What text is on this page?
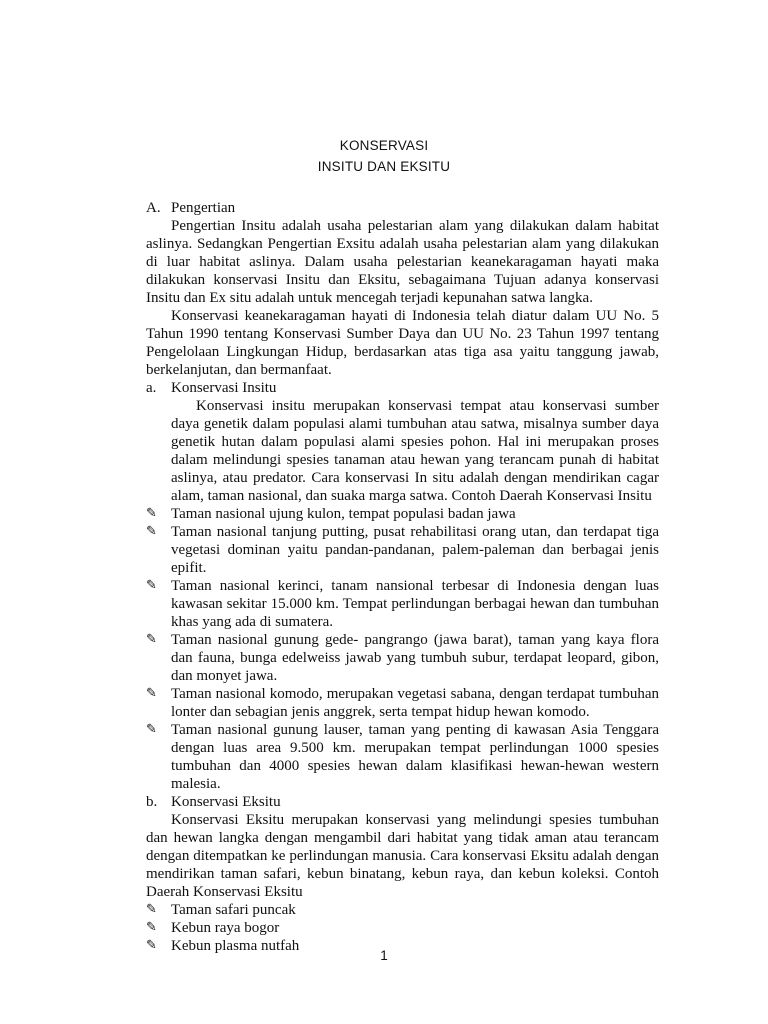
KONSERVASI
INSITU DAN EKSITU
A. Pengertian
Pengertian Insitu adalah usaha pelestarian alam yang dilakukan dalam habitat aslinya. Sedangkan Pengertian Exsitu adalah usaha pelestarian alam yang dilakukan di luar habitat aslinya. Dalam usaha pelestarian keanekaragaman hayati maka dilakukan konservasi Insitu dan Eksitu, sebagaimana Tujuan adanya konservasi Insitu dan Ex situ adalah untuk mencegah terjadi kepunahan satwa langka.
Konservasi keanekaragaman hayati di Indonesia telah diatur dalam UU No. 5 Tahun 1990 tentang Konservasi Sumber Daya dan UU No. 23 Tahun 1997 tentang Pengelolaan Lingkungan Hidup, berdasarkan atas tiga asa yaitu tanggung jawab, berkelanjutan, dan bermanfaat.
a. Konservasi Insitu
Konservasi insitu merupakan konservasi tempat atau konservasi sumber daya genetik dalam populasi alami tumbuhan atau satwa, misalnya sumber daya genetik hutan dalam populasi alami spesies pohon. Hal ini merupakan proses dalam melindungi spesies tanaman atau hewan yang terancam punah di habitat aslinya, atau predator. Cara konservasi In situ adalah dengan mendirikan cagar alam, taman nasional, dan suaka marga satwa. Contoh Daerah Konservasi Insitu
✎ Taman nasional ujung kulon, tempat populasi badan jawa
✎ Taman nasional tanjung putting, pusat rehabilitasi orang utan, dan terdapat tiga vegetasi dominan yaitu pandan-pandanan, palem-paleman dan berbagai jenis epifit.
✎ Taman nasional kerinci, tanam nansional terbesar di Indonesia dengan luas kawasan sekitar 15.000 km. Tempat perlindungan berbagai hewan dan tumbuhan khas yang ada di sumatera.
✎ Taman nasional gunung gede- pangrango (jawa barat), taman yang kaya flora dan fauna, bunga edelweiss jawab yang tumbuh subur, terdapat leopard, gibon, dan monyet jawa.
✎ Taman nasional komodo, merupakan vegetasi sabana, dengan terdapat tumbuhan lonter dan sebagian jenis anggrek, serta tempat hidup hewan komodo.
✎ Taman nasional gunung lauser, taman yang penting di kawasan Asia Tenggara dengan luas area 9.500 km. merupakan tempat perlindungan 1000 spesies tumbuhan dan 4000 spesies hewan dalam klasifikasi hewan-hewan western malesia.
b. Konservasi Eksitu
Konservasi Eksitu merupakan konservasi yang melindungi spesies tumbuhan dan hewan langka dengan mengambil dari habitat yang tidak aman atau terancam dengan ditempatkan ke perlindungan manusia. Cara konservasi Eksitu adalah dengan mendirikan taman safari, kebun binatang, kebun raya, dan kebun koleksi. Contoh Daerah Konservasi Eksitu
✎ Taman safari puncak
✎ Kebun raya bogor
✎ Kebun plasma nutfah
1
